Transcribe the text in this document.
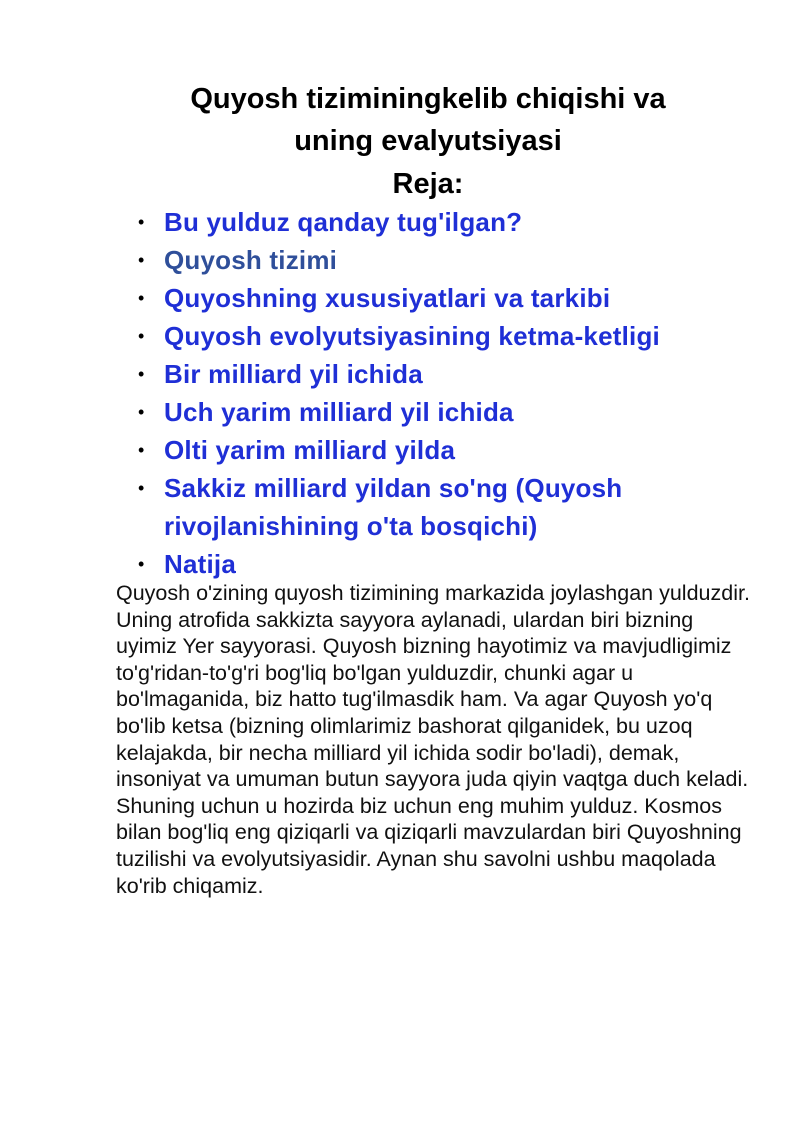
Quyosh tiziminingkelib chiqishi va
uning evalyutsiyasi
Reja:
• Bu yulduz qanday tug'ilgan?
• Quyosh tizimi
• Quyoshning xususiyatlari va tarkibi
• Quyosh evolyutsiyasining ketma-ketligi
• Bir milliard yil ichida
• Uch yarim milliard yil ichida
• Olti yarim milliard yilda
• Sakkiz milliard yildan so'ng (Quyosh rivojlanishining o'ta bosqichi)
• Natija

Quyosh o'zining quyosh tizimining markazida joylashgan yulduzdir. Uning atrofida sakkizta sayyora aylanadi, ulardan biri bizning uyimiz Yer sayyorasi. Quyosh bizning hayotimiz va mavjudligimiz to'g'ridan-to'g'ri bog'liq bo'lgan yulduzdir, chunki agar u bo'lmaganida, biz hatto tug'ilmasdik ham. Va agar Quyosh yo'q bo'lib ketsa (bizning olimlarimiz bashorat qilganidek, bu uzoq kelajakda, bir necha milliard yil ichida sodir bo'ladi), demak, insoniyat va umuman butun sayyora juda qiyin vaqtga duch keladi. Shuning uchun u hozirda biz uchun eng muhim yulduz. Kosmos bilan bog'liq eng qiziqarli va qiziqarli mavzulardan biri Quyoshning tuzilishi va evolyutsiyasidir. Aynan shu savolni ushbu maqolada ko'rib chiqamiz.
